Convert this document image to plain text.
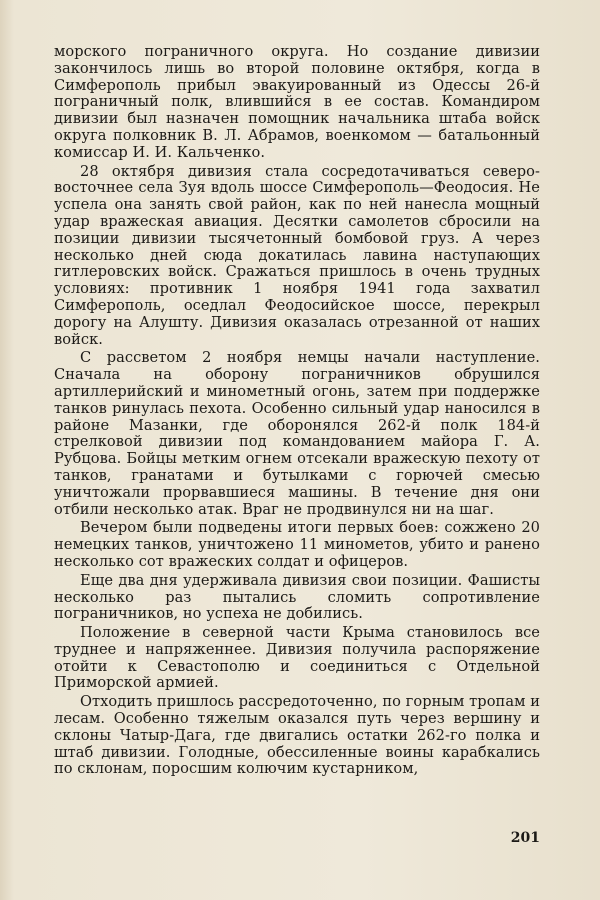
морского пограничного округа. Но создание дивизии закончилось лишь во второй половине октября, когда в Симферополь прибыл эвакуированный из Одессы 26-й пограничный полк, влившийся в ее состав. Командиром дивизии был назначен помощник начальника штаба войск округа полковник В. Л. Абрамов, военкомом — батальонный комиссар И. И. Кальченко.

28 октября дивизия стала сосредотачиваться северо-восточнее села Зуя вдоль шоссе Симферополь—Феодосия. Не успела она занять свой район, как по ней нанесла мощный удар вражеская авиация. Десятки самолетов сбросили на позиции дивизии тысячетонный бомбовой груз. А через несколько дней сюда докатилась лавина наступающих гитлеровских войск. Сражаться пришлось в очень трудных условиях: противник 1 ноября 1941 года захватил Симферополь, оседлал Феодосийское шоссе, перекрыл дорогу на Алушту. Дивизия оказалась отрезанной от наших войск.

С рассветом 2 ноября немцы начали наступление. Сначала на оборону пограничников обрушился артиллерийский и минометный огонь, затем при поддержке танков ринулась пехота. Особенно сильный удар наносился в районе Мазанки, где оборонялся 262-й полк 184-й стрелковой дивизии под командованием майора Г. А. Рубцова. Бойцы метким огнем отсекали вражескую пехоту от танков, гранатами и бутылками с горючей смесью уничтожали прорвавшиеся машины. В течение дня они отбили несколько атак. Враг не продвинулся ни на шаг.

Вечером были подведены итоги первых боев: сожжено 20 немецких танков, уничтожено 11 минометов, убито и ранено несколько сот вражеских солдат и офицеров.

Еще два дня удерживала дивизия свои позиции. Фашисты несколько раз пытались сломить сопротивление пограничников, но успеха не добились.

Положение в северной части Крыма становилось все труднее и напряженнее. Дивизия получила распоряжение отойти к Севастополю и соединиться с Отдельной Приморской армией.

Отходить пришлось рассредоточенно, по горным тропам и лесам. Особенно тяжелым оказался путь через вершину и склоны Чатыр-Дага, где двигались остатки 262-го полка и штаб дивизии. Голодные, обессиленные воины карабкались по склонам, поросшим колючим кустарником,

201
